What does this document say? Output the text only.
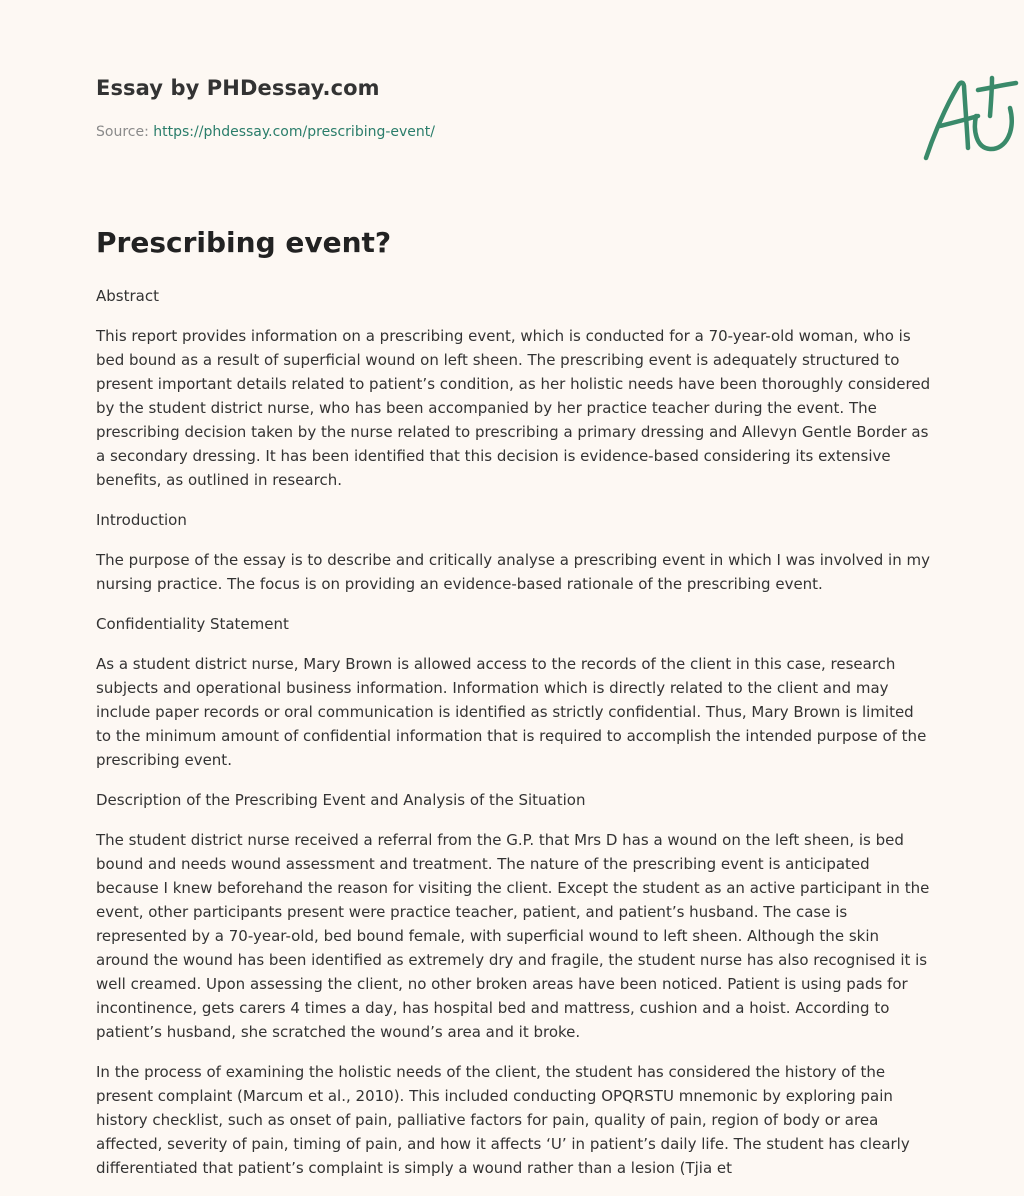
Essay by PHDessay.com
Source: https://phdessay.com/prescribing-event/
Prescribing event?

Abstract

This report provides information on a prescribing event, which is conducted for a 70-year-old woman, who is bed bound as a result of superficial wound on left sheen. The prescribing event is adequately structured to present important details related to patient’s condition, as her holistic needs have been thoroughly considered by the student district nurse, who has been accompanied by her practice teacher during the event. The prescribing decision taken by the nurse related to prescribing a primary dressing and Allevyn Gentle Border as a secondary dressing. It has been identified that this decision is evidence-based considering its extensive benefits, as outlined in research.

Introduction

The purpose of the essay is to describe and critically analyse a prescribing event in which I was involved in my nursing practice. The focus is on providing an evidence-based rationale of the prescribing event.

Confidentiality Statement

As a student district nurse, Mary Brown is allowed access to the records of the client in this case, research subjects and operational business information. Information which is directly related to the client and may include paper records or oral communication is identified as strictly confidential. Thus, Mary Brown is limited to the minimum amount of confidential information that is required to accomplish the intended purpose of the prescribing event.

Description of the Prescribing Event and Analysis of the Situation

The student district nurse received a referral from the G.P. that Mrs D has a wound on the left sheen, is bed bound and needs wound assessment and treatment. The nature of the prescribing event is anticipated because I knew beforehand the reason for visiting the client. Except the student as an active participant in the event, other participants present were practice teacher, patient, and patient’s husband. The case is represented by a 70-year-old, bed bound female, with superficial wound to left sheen. Although the skin around the wound has been identified as extremely dry and fragile, the student nurse has also recognised it is well creamed. Upon assessing the client, no other broken areas have been noticed. Patient is using pads for incontinence, gets carers 4 times a day, has hospital bed and mattress, cushion and a hoist. According to patient’s husband, she scratched the wound’s area and it broke.

In the process of examining the holistic needs of the client, the student has considered the history of the present complaint (Marcum et al., 2010). This included conducting OPQRSTU mnemonic by exploring pain history checklist, such as onset of pain, palliative factors for pain, quality of pain, region of body or area affected, severity of pain, timing of pain, and how it affects ‘U’ in patient’s daily life. The student has clearly differentiated that patient’s complaint is simply a wound rather than a lesion (Tjia et
